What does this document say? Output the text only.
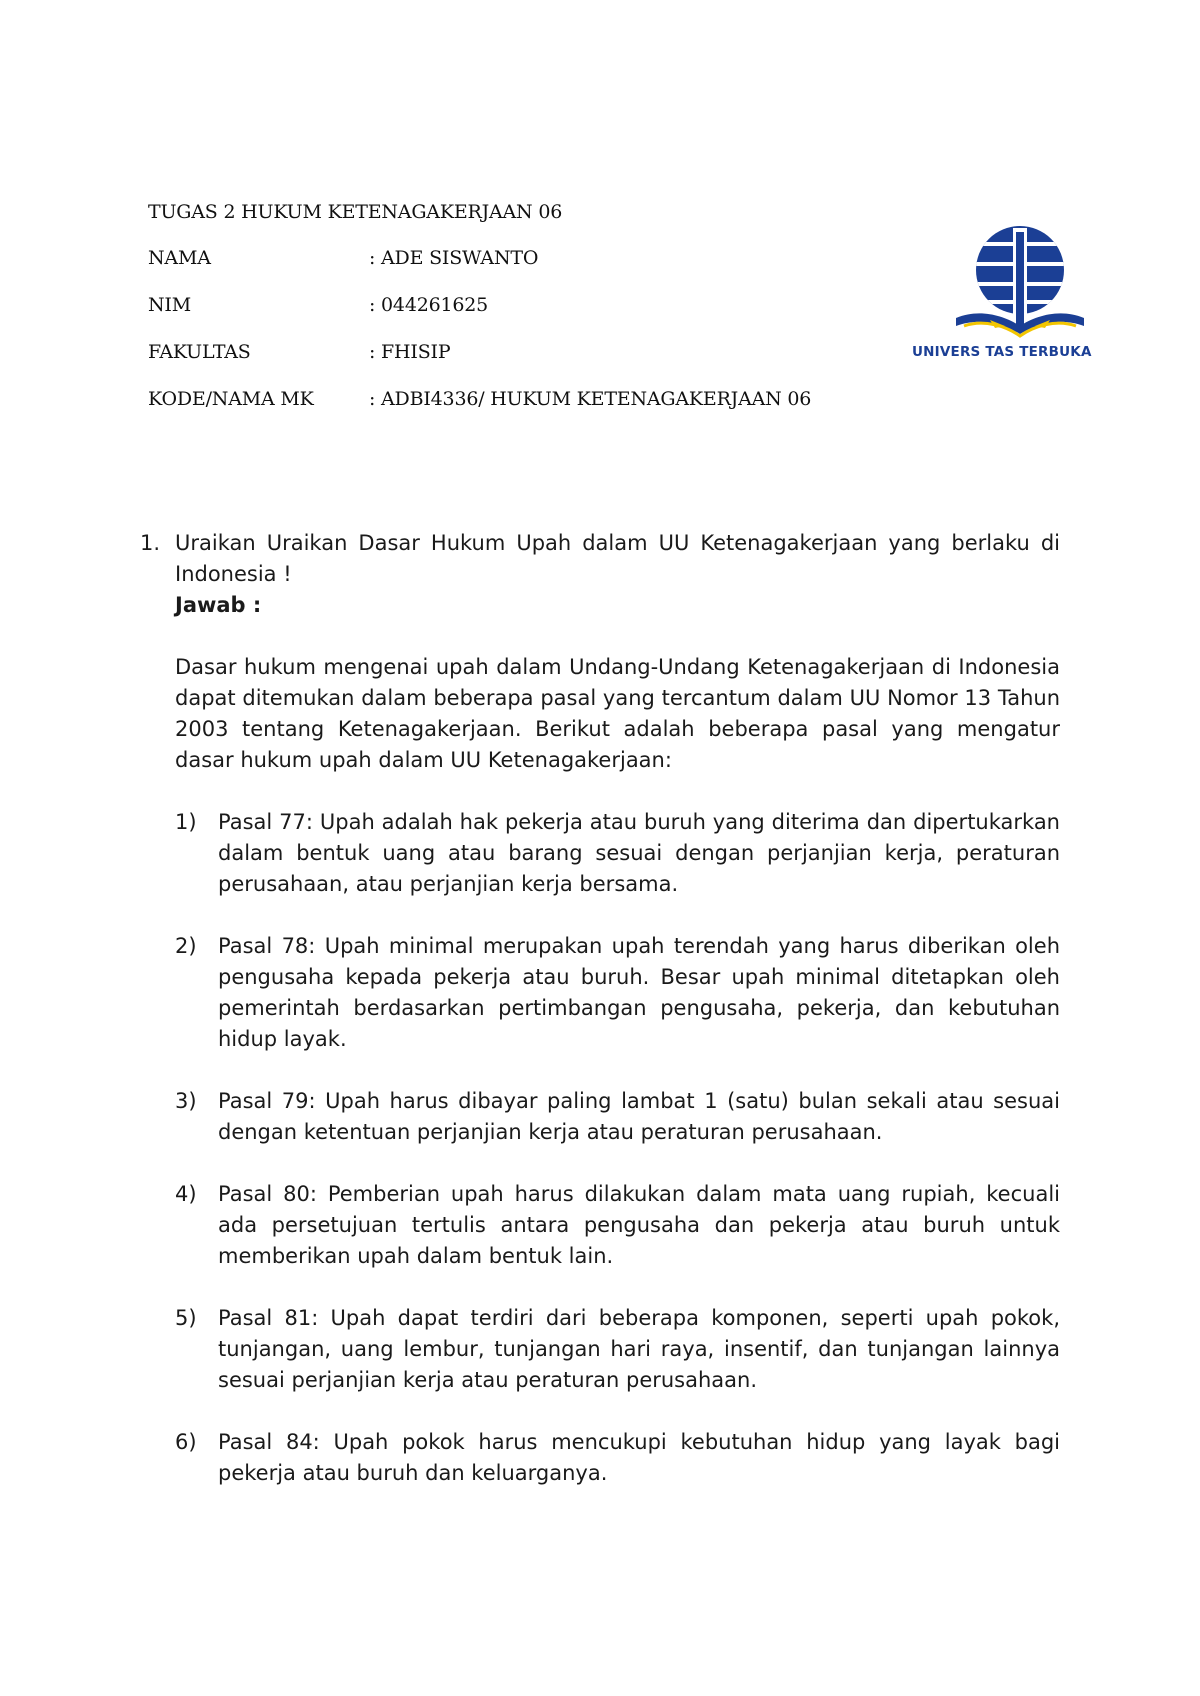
TUGAS 2 HUKUM KETENAGAKERJAAN 06
NAMA	: ADE SISWANTO
NIM	: 044261625
FAKULTAS	: FHISIP
KODE/NAMA MK	: ADBI4336/ HUKUM KETENAGAKERJAAN 06
UNIVERS TAS TERBUKA
1. Uraikan Uraikan Dasar Hukum Upah dalam UU Ketenagakerjaan yang berlaku di Indonesia !

Jawab :

Dasar hukum mengenai upah dalam Undang-Undang Ketenagakerjaan di Indonesia dapat ditemukan dalam beberapa pasal yang tercantum dalam UU Nomor 13 Tahun 2003 tentang Ketenagakerjaan. Berikut adalah beberapa pasal yang mengatur dasar hukum upah dalam UU Ketenagakerjaan:

1)	Pasal 77: Upah adalah hak pekerja atau buruh yang diterima dan dipertukarkan dalam bentuk uang atau barang sesuai dengan perjanjian kerja, peraturan perusahaan, atau perjanjian kerja bersama.
2)	Pasal 78: Upah minimal merupakan upah terendah yang harus diberikan oleh pengusaha kepada pekerja atau buruh. Besar upah minimal ditetapkan oleh pemerintah berdasarkan pertimbangan pengusaha, pekerja, dan kebutuhan hidup layak.
3)	Pasal 79: Upah harus dibayar paling lambat 1 (satu) bulan sekali atau sesuai dengan ketentuan perjanjian kerja atau peraturan perusahaan.
4)	Pasal 80: Pemberian upah harus dilakukan dalam mata uang rupiah, kecuali ada persetujuan tertulis antara pengusaha dan pekerja atau buruh untuk memberikan upah dalam bentuk lain.
5)	Pasal 81: Upah dapat terdiri dari beberapa komponen, seperti upah pokok, tunjangan, uang lembur, tunjangan hari raya, insentif, dan tunjangan lainnya sesuai perjanjian kerja atau peraturan perusahaan.
6)	Pasal 84: Upah pokok harus mencukupi kebutuhan hidup yang layak bagi pekerja atau buruh dan keluarganya.
